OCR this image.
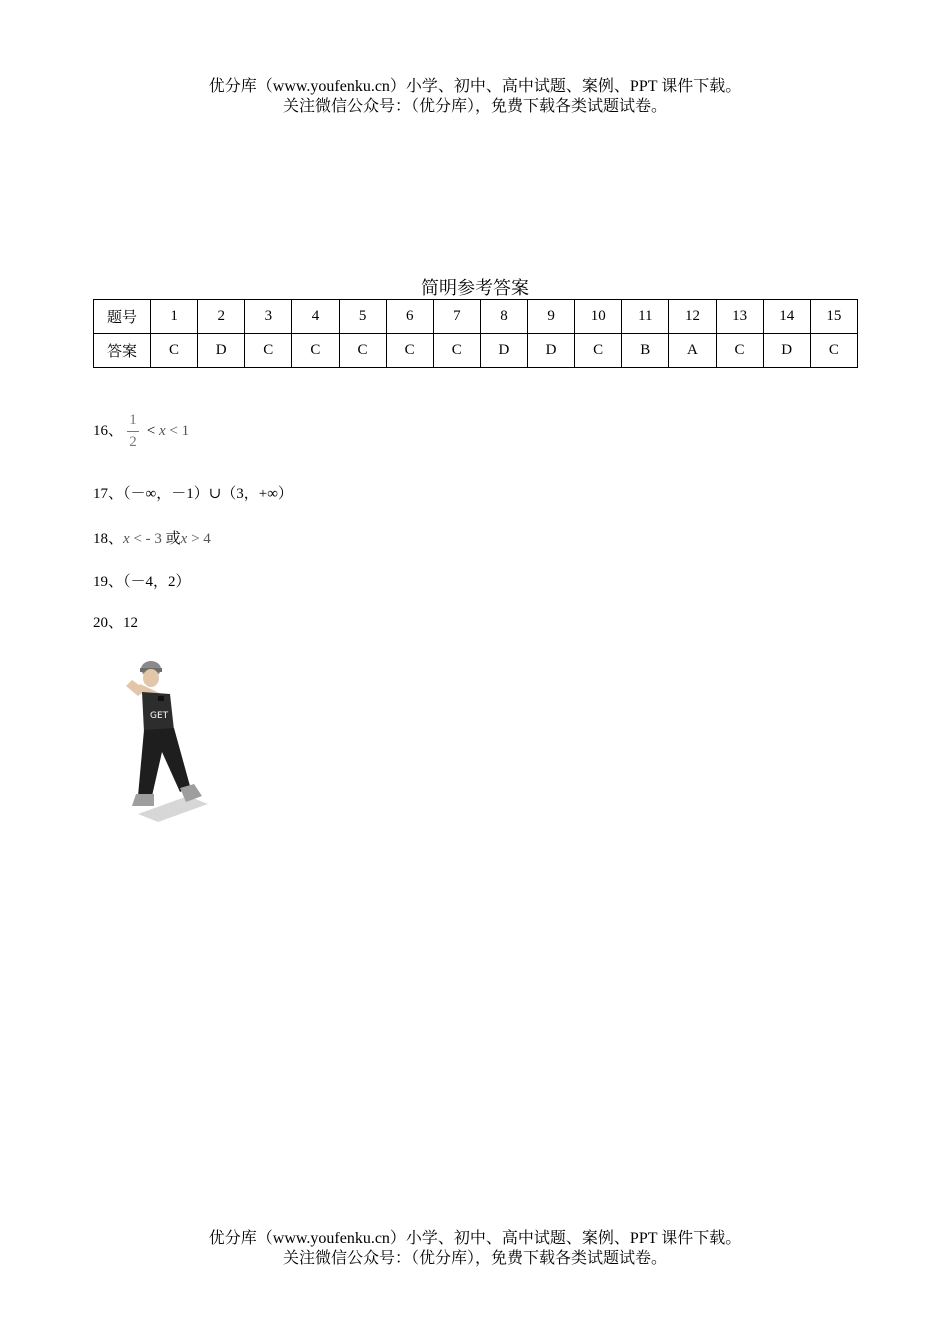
优分库（www.youfenku.cn）小学、初中、高中试题、案例、PPT 课件下载。
关注微信公众号：（优分库），免费下载各类试题试卷。
简明参考答案
题号	1	2	3	4	5	6	7	8	9	10	11	12	13	14	15
答案	C	D	C	C	C	C	C	D	D	C	B	A	C	D	C
16、 $\frac{1}{2} < x < 1$
17、（－∞，－1）∪（3，+∞）
18、x < - 3 或x > 4
19、（－4，2）
20、12
GET
优分库（www.youfenku.cn）小学、初中、高中试题、案例、PPT 课件下载。
关注微信公众号：（优分库），免费下载各类试题试卷。
